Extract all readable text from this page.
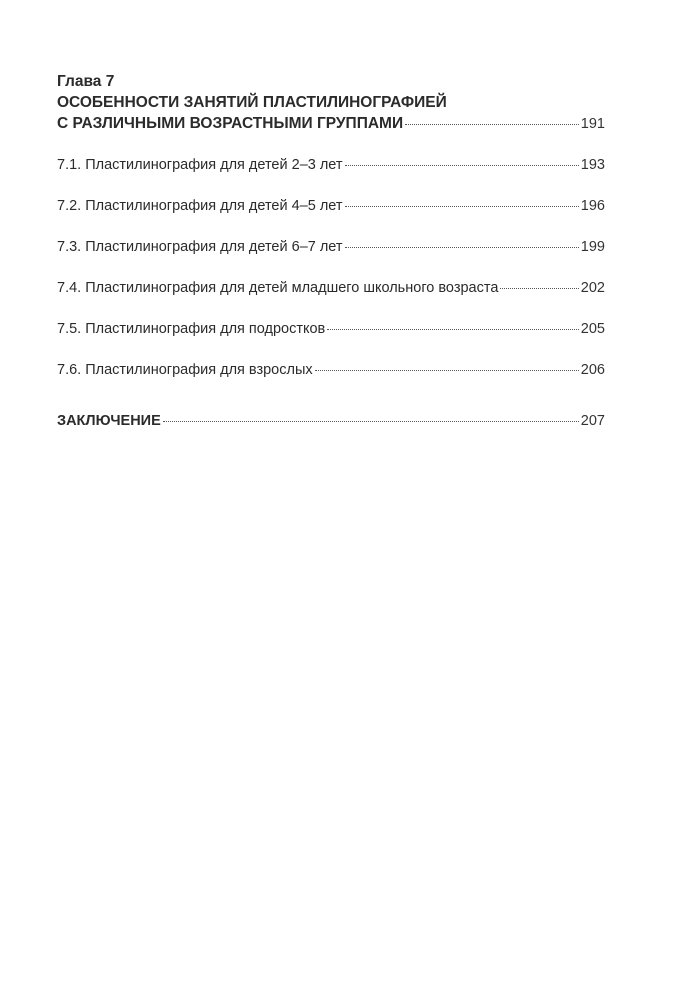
Глава 7

ОСОБЕННОСТИ ЗАНЯТИЙ ПЛАСТИЛИНОГРАФИЕЙ

С РАЗЛИЧНЫМИ ВОЗРАСТНЫМИ ГРУППАМИ	191
7.1. Пластилинография для детей 2–3 лет	193
7.2. Пластилинография для детей 4–5 лет	196
7.3. Пластилинография для детей 6–7 лет	199
7.4. Пластилинография для детей младшего школьного возраста	202
7.5. Пластилинография для подростков	205
7.6. Пластилинография для взрослых	206
ЗАКЛЮЧЕНИЕ	207
